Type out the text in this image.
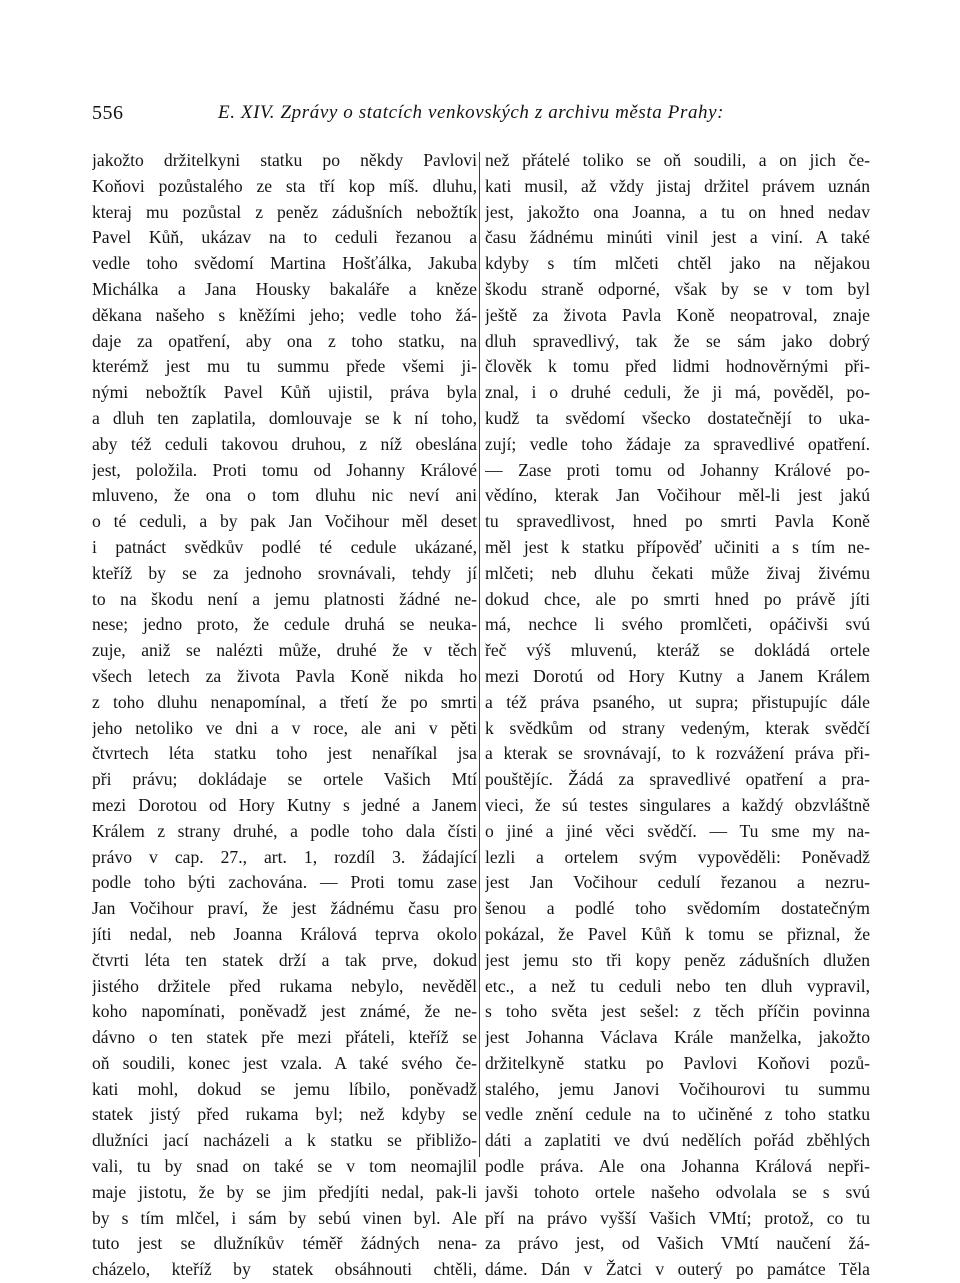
556	E. XIV. Zprávy o statcích venkovských z archivu města Prahy:
jakožto držitelkyni statku po někdy Pavlovi
Koňovi pozůstalého ze sta tří kop míš. dluhu,
kteraj mu pozůstal z peněz zádušních nebožtík
Pavel Kůň, ukázav na to ceduli řezanou a
vedle toho svědomí Martina Hošťálka, Jakuba
Michálka a Jana Housky bakaláře a kněze
děkana našeho s kněžími jeho; vedle toho žá-
daje za opatření, aby ona z toho statku, na
kterémž jest mu tu summu přede všemi ji-
nými nebožtík Pavel Kůň ujistil, práva byla
a dluh ten zaplatila, domlouvaje se k ní toho,
aby též ceduli takovou druhou, z níž obeslána
jest, položila. Proti tomu od Johanny Králové
mluveno, že ona o tom dluhu nic neví ani
o té ceduli, a by pak Jan Vočihour měl deset
i patnáct svědkův podlé té cedule ukázané,
kteříž by se za jednoho srovnávali, tehdy jí
to na škodu není a jemu platnosti žádné ne-
nese; jedno proto, že cedule druhá se neuka-
zuje, aniž se nalézti může, druhé že v těch
všech letech za života Pavla Koně nikda ho
z toho dluhu nenapomínal, a třetí že po smrti
jeho netoliko ve dni a v roce, ale ani v pěti
čtvrtech léta statku toho jest nenaříkal jsa
při právu; dokládaje se ortele Vašich Mtí
mezi Dorotou od Hory Kutny s jedné a Janem
Králem z strany druhé, a podle toho dala čísti
právo v cap. 27., art. 1, rozdíl 3. žádající
podle toho býti zachována. — Proti tomu zase
Jan Vočihour praví, že jest žádnému času pro
jíti nedal, neb Joanna Králová teprva okolo
čtvrti léta ten statek drží a tak prve, dokud
jistého držitele před rukama nebylo, nevěděl
koho napomínati, poněvadž jest známé, že ne-
dávno o ten statek pře mezi přáteli, kteříž se
oň soudili, konec jest vzala. A také svého če-
kati mohl, dokud se jemu líbilo, poněvadž
statek jistý před rukama byl; než kdyby se
dlužníci jací nacházeli a k statku se přibližo-
vali, tu by snad on také se v tom neomajlil
maje jistotu, že by se jim předjíti nedal, pak-li
by s tím mlčel, i sám by sebú vinen byl. Ale
tuto jest se dlužníkův téměř žádných nena-
cházelo, kteříž by statek obsáhnouti chtěli,
než přátelé toliko se oň soudili, a on jich če-
kati musil, až vždy jistaj držitel právem uznán
jest, jakožto ona Joanna, a tu on hned nedav
času žádnému minúti vinil jest a viní. A také
kdyby s tím mlčeti chtěl jako na nějakou
škodu straně odporné, však by se v tom byl
ještě za života Pavla Koně neopatroval, znaje
dluh spravedlivý, tak že se sám jako dobrý
člověk k tomu před lidmi hodnověrnými při-
znal, i o druhé ceduli, že ji má, pověděl, po-
kudž ta svědomí všecko dostatečnějí to uka-
zují; vedle toho žádaje za spravedlivé opatření.
— Zase proti tomu od Johanny Králové po-
vědíno, kterak Jan Vočihour měl-li jest jakú
tu spravedlivost, hned po smrti Pavla Koně
měl jest k statku přípověď učiniti a s tím ne-
mlčeti; neb dluhu čekati může živaj živému
dokud chce, ale po smrti hned po právě jíti
má, nechce li svého promlčeti, opáčivši svú
řeč výš mluvenú, kteráž se dokládá ortele
mezi Dorotú od Hory Kutny a Janem Králem
a též práva psaného, ut supra; přistupujíc dále
k svědkům od strany vedeným, kterak svědčí
a kterak se srovnávají, to k rozvážení práva při-
pouštějíc. Žádá za spravedlivé opatření a pra-
vieci, že sú testes singulares a každý obzvláštně
o jiné a jiné věci svědčí. — Tu sme my na-
lezli a ortelem svým vypověděli: Poněvadž
jest Jan Vočihour cedulí řezanou a nezru-
šenou a podlé toho svědomím dostatečným
pokázal, že Pavel Kůň k tomu se přiznal, že
jest jemu sto tři kopy peněz zádušních dlužen
etc., a než tu ceduli nebo ten dluh vypravil,
s toho světa jest sešel: z těch příčin povinna
jest Johanna Václava Krále manželka, jakožto
držitelkyně statku po Pavlovi Koňovi pozů-
stalého, jemu Janovi Vočihourovi tu summu
vedle znění cedule na to učiněné z toho statku
dáti a zaplatiti ve dvú nedělích pořád zběhlých
podle práva. Ale ona Johanna Králová nepři-
javši tohoto ortele našeho odvolala se s svú
pří na právo vyšší Vašich VMtí; protož, co tu
za právo jest, od Vašich VMtí naučení žá-
dáme. Dán v Žatci v outerý po památce Těla
